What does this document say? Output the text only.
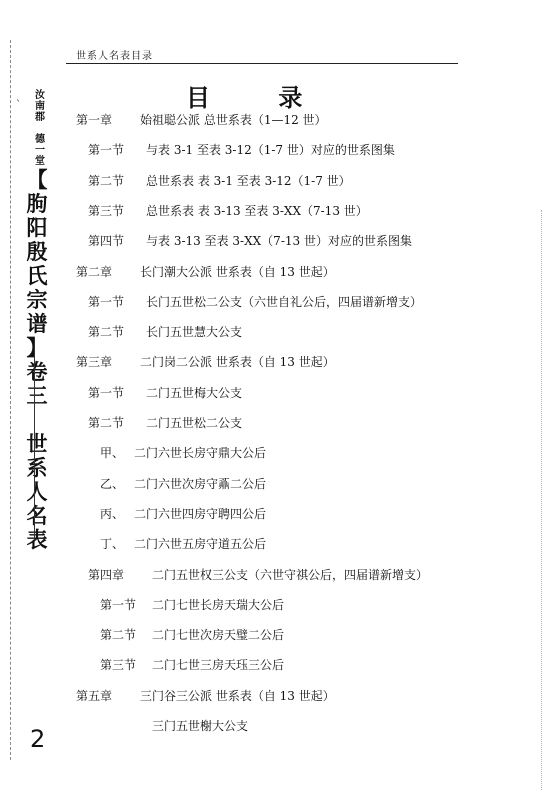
ˋ
世系人名表目录
汝
南
郡

德
一
堂
【
朐
阳
殷
氏
宗
谱
】
卷
三

世
系
人
名
表
2
目 录
第一章 始祖聪公派 总世系表（1—12 世）
第一节 与表 3-1 至表 3-12（1-7 世）对应的世系图集
第二节 总世系表 表 3-1 至表 3-12（1-7 世）
第三节 总世系表 表 3-13 至表 3-XX（7-13 世）
第四节 与表 3-13 至表 3-XX（7-13 世）对应的世系图集
第二章 长门潮大公派 世系表（自 13 世起）
第一节 长门五世松二公支（六世自礼公后，四届谱新增支）
第二节 长门五世慧大公支
第三章 二门岗二公派 世系表（自 13 世起）
第一节 二门五世梅大公支
第二节 二门五世松二公支
甲、 二门六世长房守鼎大公后
乙、 二门六世次房守鼒二公后
丙、 二门六世四房守聘四公后
丁、 二门六世五房守道五公后
第四章 二门五世权三公支（六世守祺公后，四届谱新增支）
第一节 二门七世长房天瑞大公后
第二节 二门七世次房天璧二公后
第三节 二门七世三房天珏三公后
第五章 三门谷三公派 世系表（自 13 世起）
三门五世榭大公支
